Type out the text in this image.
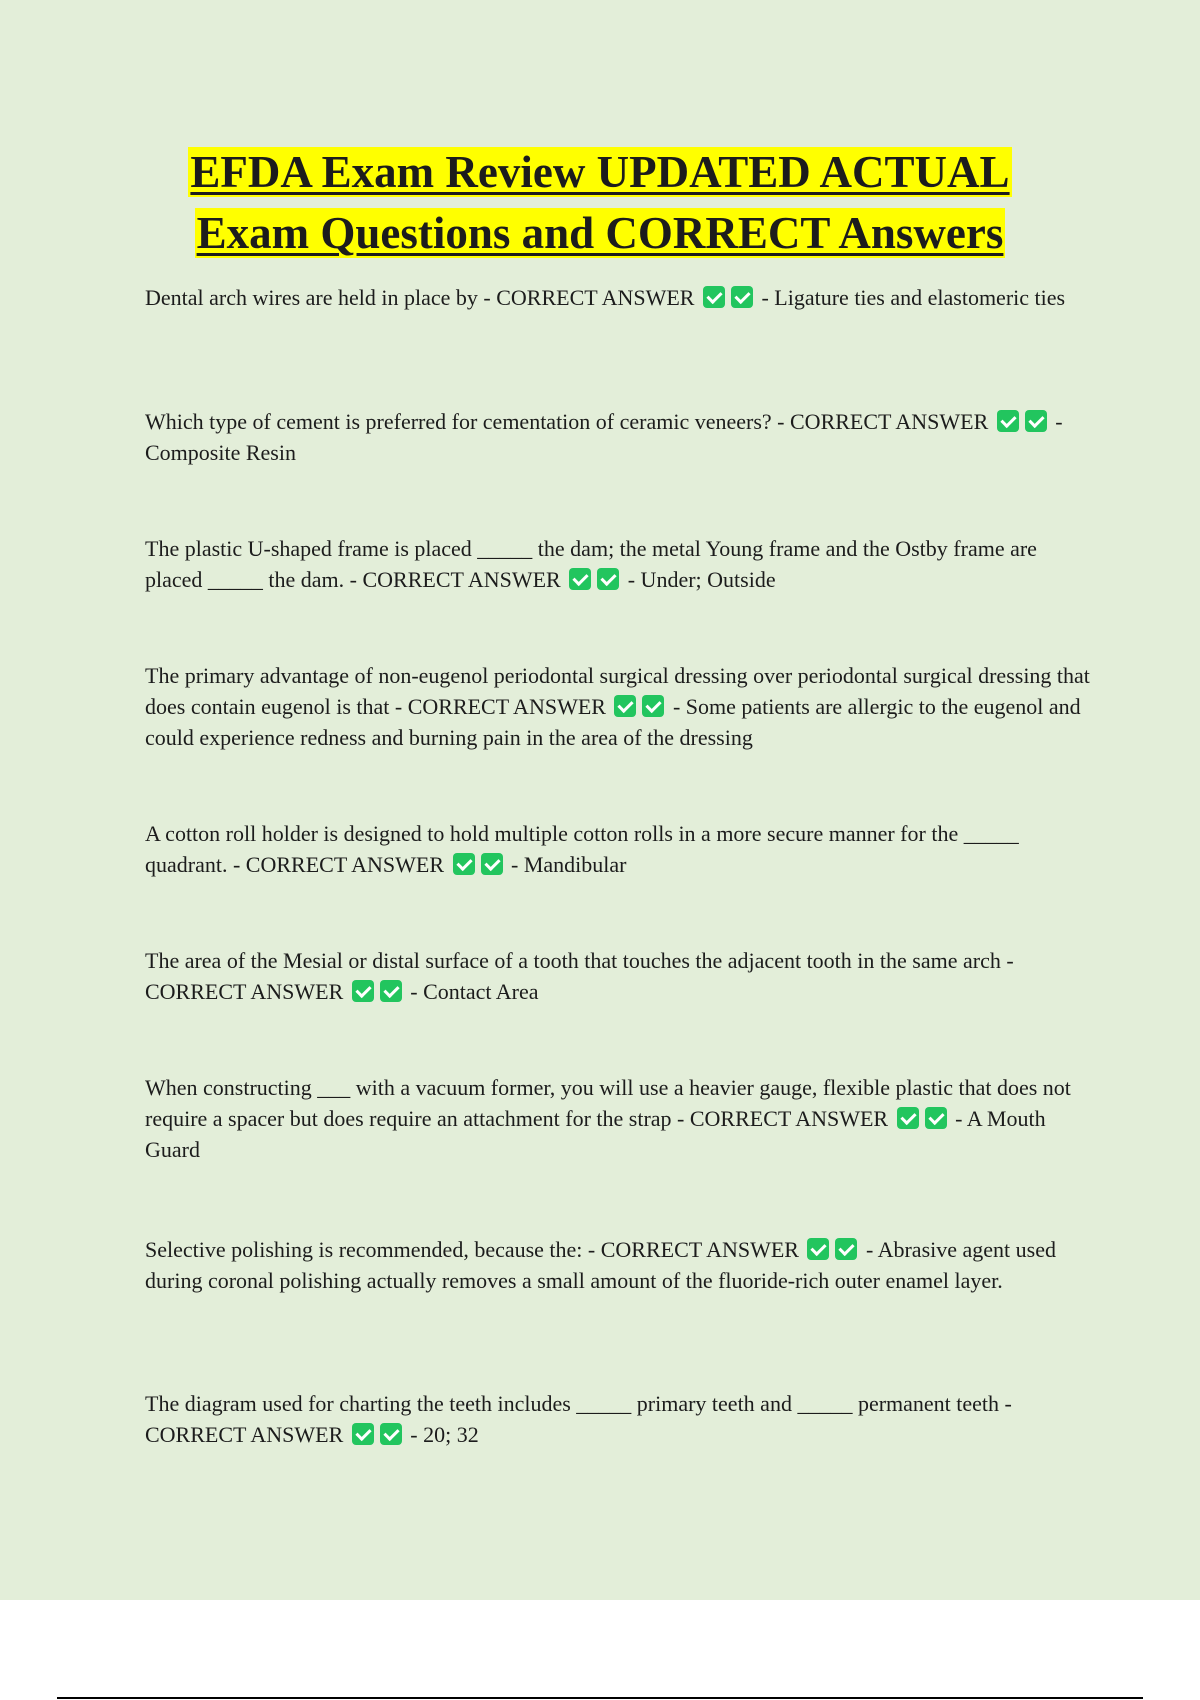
EFDA Exam Review UPDATED ACTUAL
Exam Questions and CORRECT Answers

Dental arch wires are held in place by - CORRECT ANSWER	- Ligature ties and elastomeric ties

Which type of cement is preferred for cementation of ceramic veneers? - CORRECT ANSWER	- Composite Resin

The plastic U-shaped frame is placed _____ the dam; the metal Young frame and the Ostby frame are placed _____ the dam. - CORRECT ANSWER	- Under; Outside

The primary advantage of non-eugenol periodontal surgical dressing over periodontal surgical dressing that does contain eugenol is that - CORRECT ANSWER	- Some patients are allergic to the eugenol and could experience redness and burning pain in the area of the dressing

A cotton roll holder is designed to hold multiple cotton rolls in a more secure manner for the _____ quadrant. - CORRECT ANSWER	- Mandibular

The area of the Mesial or distal surface of a tooth that touches the adjacent tooth in the same arch - CORRECT ANSWER	- Contact Area

When constructing ___ with a vacuum former, you will use a heavier gauge, flexible plastic that does not require a spacer but does require an attachment for the strap - CORRECT ANSWER	- A Mouth Guard

Selective polishing is recommended, because the: - CORRECT ANSWER	- Abrasive agent used during coronal polishing actually removes a small amount of the fluoride-rich outer enamel layer.

The diagram used for charting the teeth includes _____ primary teeth and _____ permanent teeth - CORRECT ANSWER	- 20; 32
